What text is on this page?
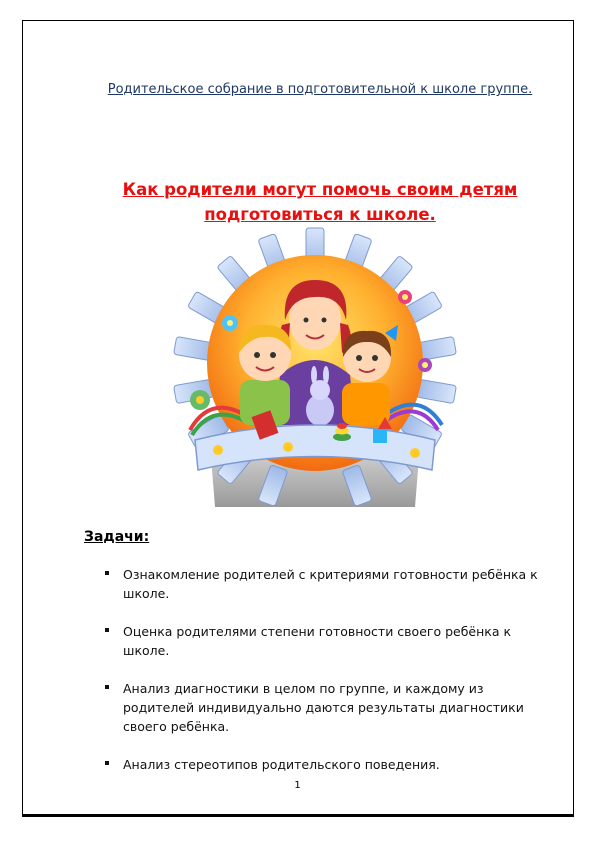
Родительское собрание в подготовительной к школе группе.
Как родители могут помочь своим детям подготовиться к школе.
Задачи:
Ознакомление родителей с критериями готовности ребёнка к школе.
Оценка родителями степени готовности своего ребёнка к школе.
Анализ диагностики в целом по группе, и каждому из родителей индивидуально даются результаты диагностики своего ребёнка.
Анализ стереотипов родительского поведения.
1
